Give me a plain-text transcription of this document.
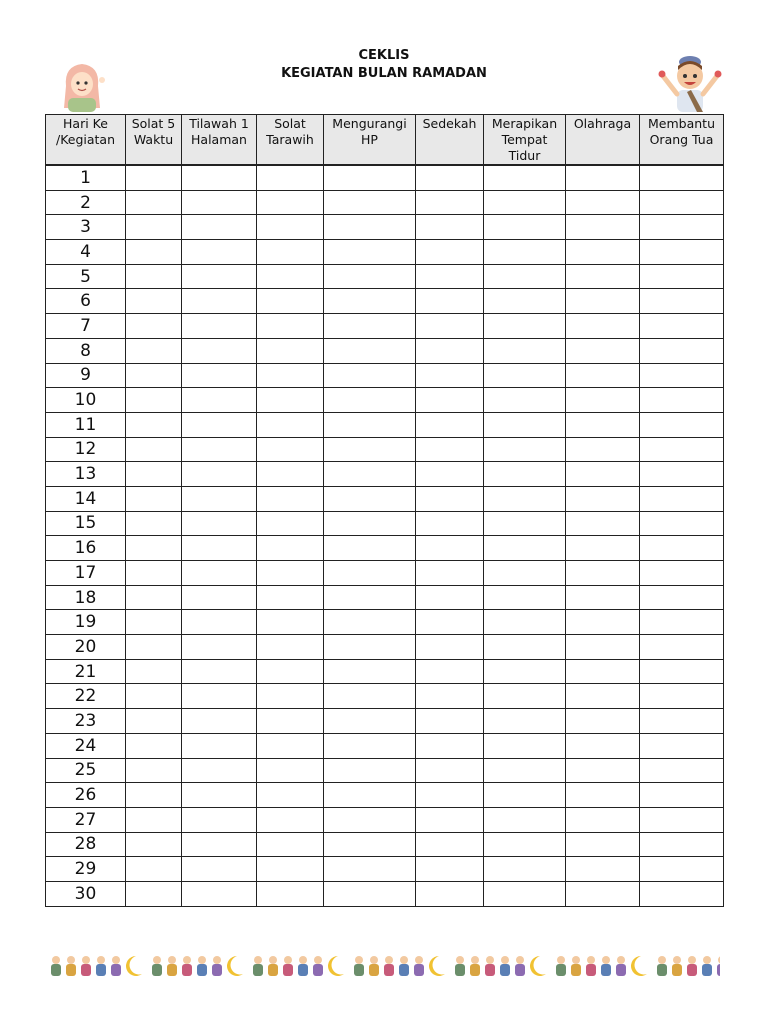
CEKLIS
KEGIATAN BULAN RAMADAN
Hari Ke /Kegiatan	Solat 5 Waktu	Tilawah 1 Halaman	Solat Tarawih	Mengurangi HP	Sedekah	Merapikan Tempat Tidur	Olahraga	Membantu Orang Tua
1								
2								
3								
4								
5								
6								
7								
8								
9								
10								
11								
12								
13								
14								
15								
16								
17								
18								
19								
20								
21								
22								
23								
24								
25								
26								
27								
28								
29								
30								
